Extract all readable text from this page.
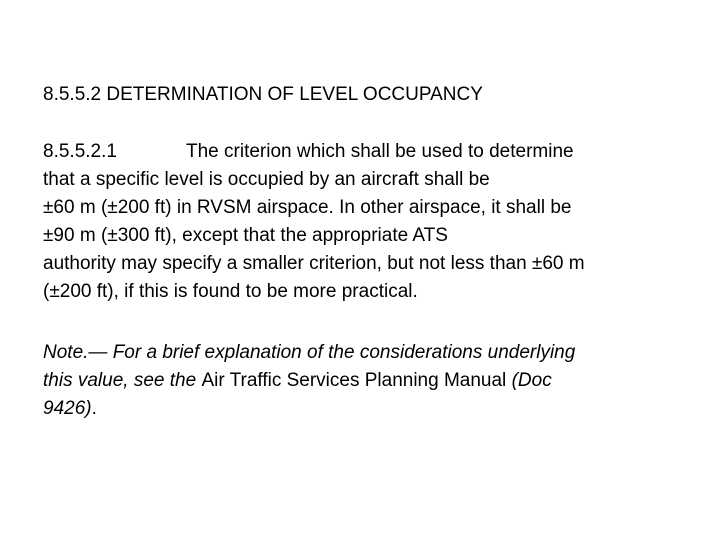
8.5.5.2 DETERMINATION OF LEVEL OCCUPANCY
8.5.5.2.1	The criterion which shall be used to determine
that a specific level is occupied by an aircraft shall be
±60 m (±200 ft) in RVSM airspace. In other airspace, it shall be
±90 m (±300 ft), except that the appropriate ATS
authority may specify a smaller criterion, but not less than ±60 m
(±200 ft), if this is found to be more practical.
Note.— For a brief explanation of the considerations underlying
this value, see the Air Traffic Services Planning Manual (Doc
9426).
